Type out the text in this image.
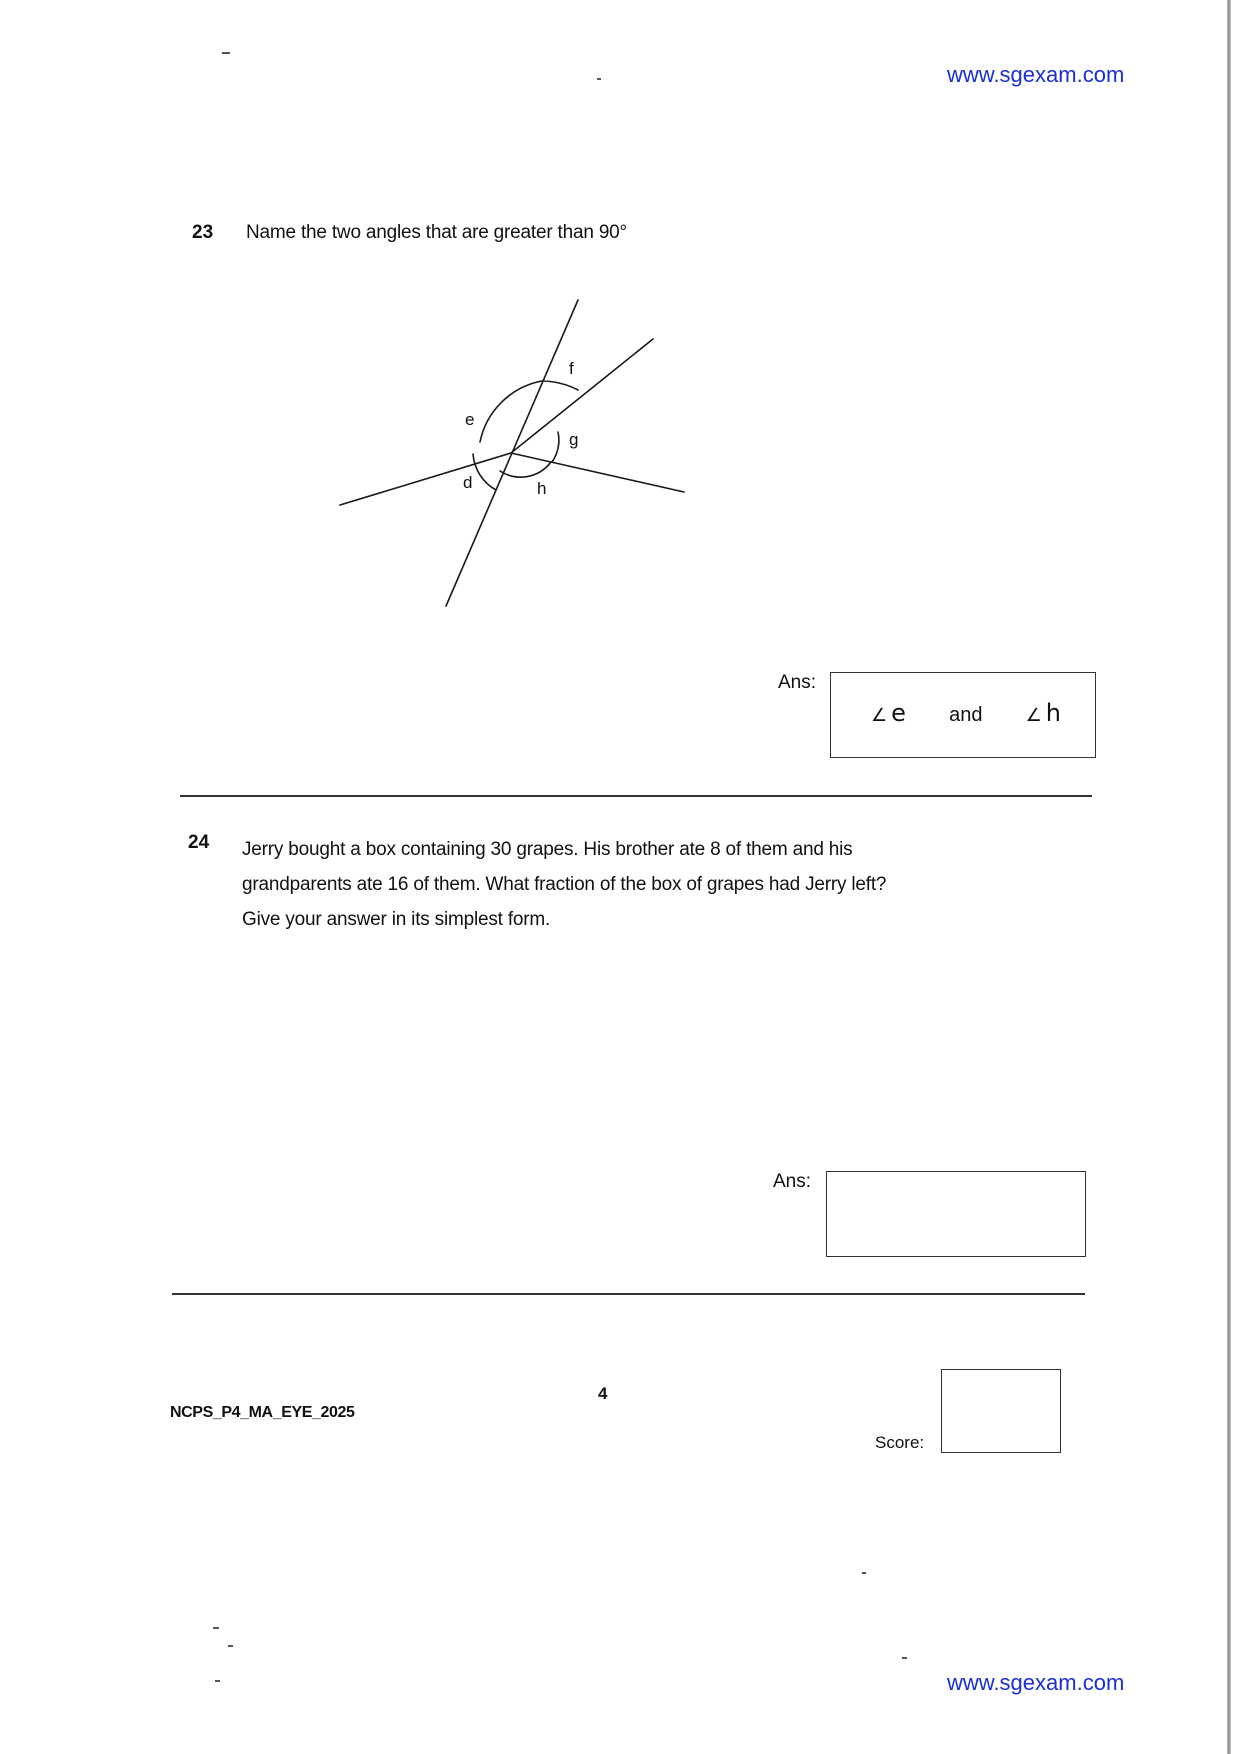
www.sgexam.com
23 Name the two angles that are greater than 90°
e
f
g
d	h
Ans:
∠ e and ∠ h
24 Jerry bought a box containing 30 grapes. His brother ate 8 of them and his
grandparents ate 16 of them. What fraction of the box of grapes had Jerry left?
Give your answer in its simplest form.
Ans:
NCPS_P4_MA_EYE_2025
4
Score:
www.sgexam.com
